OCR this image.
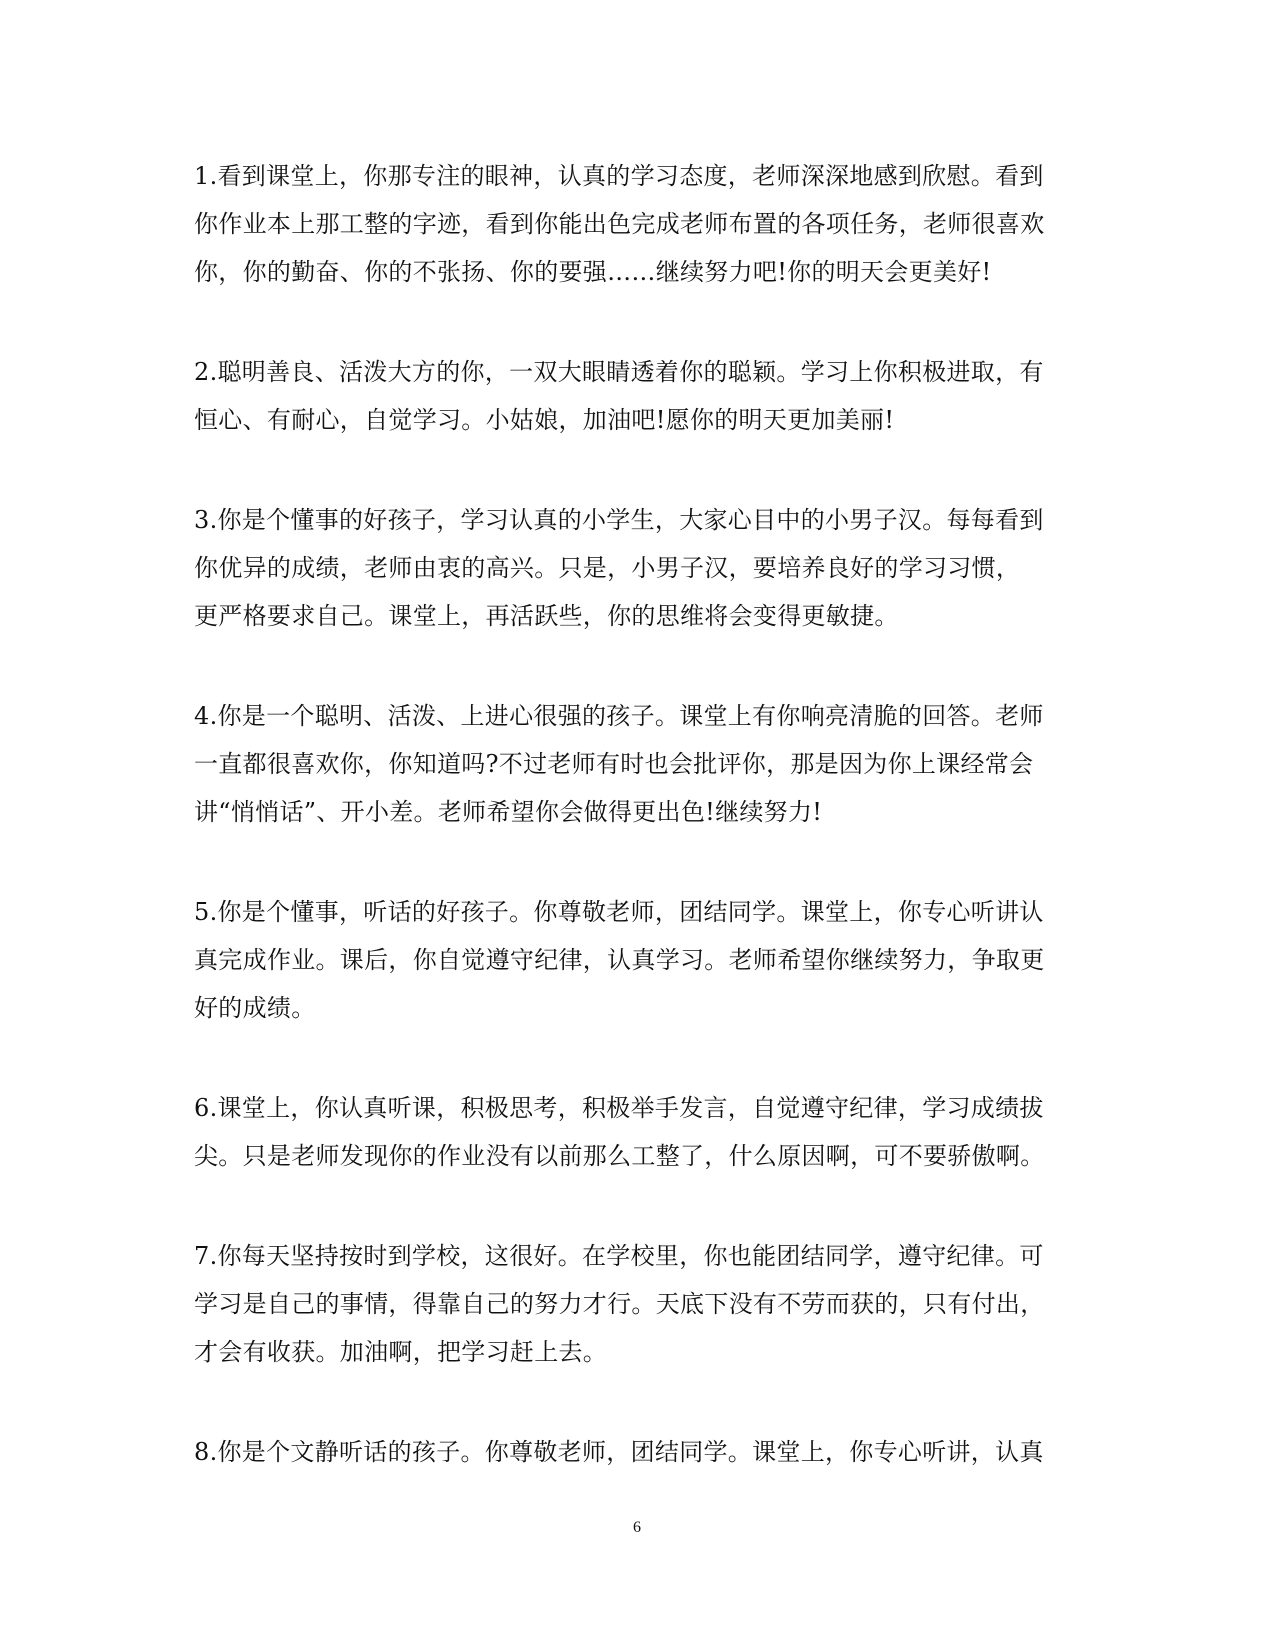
1.看到课堂上，你那专注的眼神，认真的学习态度，老师深深地感到欣慰。看到
你作业本上那工整的字迹，看到你能出色完成老师布置的各项任务，老师很喜欢
你，你的勤奋、你的不张扬、你的要强……继续努力吧!你的明天会更美好!
2.聪明善良、活泼大方的你，一双大眼睛透着你的聪颖。学习上你积极进取，有
恒心、有耐心，自觉学习。小姑娘，加油吧!愿你的明天更加美丽!
3.你是个懂事的好孩子，学习认真的小学生，大家心目中的小男子汉。每每看到
你优异的成绩，老师由衷的高兴。只是，小男子汉，要培养良好的学习习惯，
更严格要求自己。课堂上，再活跃些，你的思维将会变得更敏捷。
4.你是一个聪明、活泼、上进心很强的孩子。课堂上有你响亮清脆的回答。老师
一直都很喜欢你，你知道吗?不过老师有时也会批评你，那是因为你上课经常会
讲“悄悄话”、开小差。老师希望你会做得更出色!继续努力!
5.你是个懂事，听话的好孩子。你尊敬老师，团结同学。课堂上，你专心听讲认
真完成作业。课后，你自觉遵守纪律，认真学习。老师希望你继续努力，争取更
好的成绩。
6.课堂上，你认真听课，积极思考，积极举手发言，自觉遵守纪律，学习成绩拔
尖。只是老师发现你的作业没有以前那么工整了，什么原因啊，可不要骄傲啊。
7.你每天坚持按时到学校，这很好。在学校里，你也能团结同学，遵守纪律。可
学习是自己的事情，得靠自己的努力才行。天底下没有不劳而获的，只有付出，
才会有收获。加油啊，把学习赶上去。
8.你是个文静听话的孩子。你尊敬老师，团结同学。课堂上，你专心听讲，认真
6
